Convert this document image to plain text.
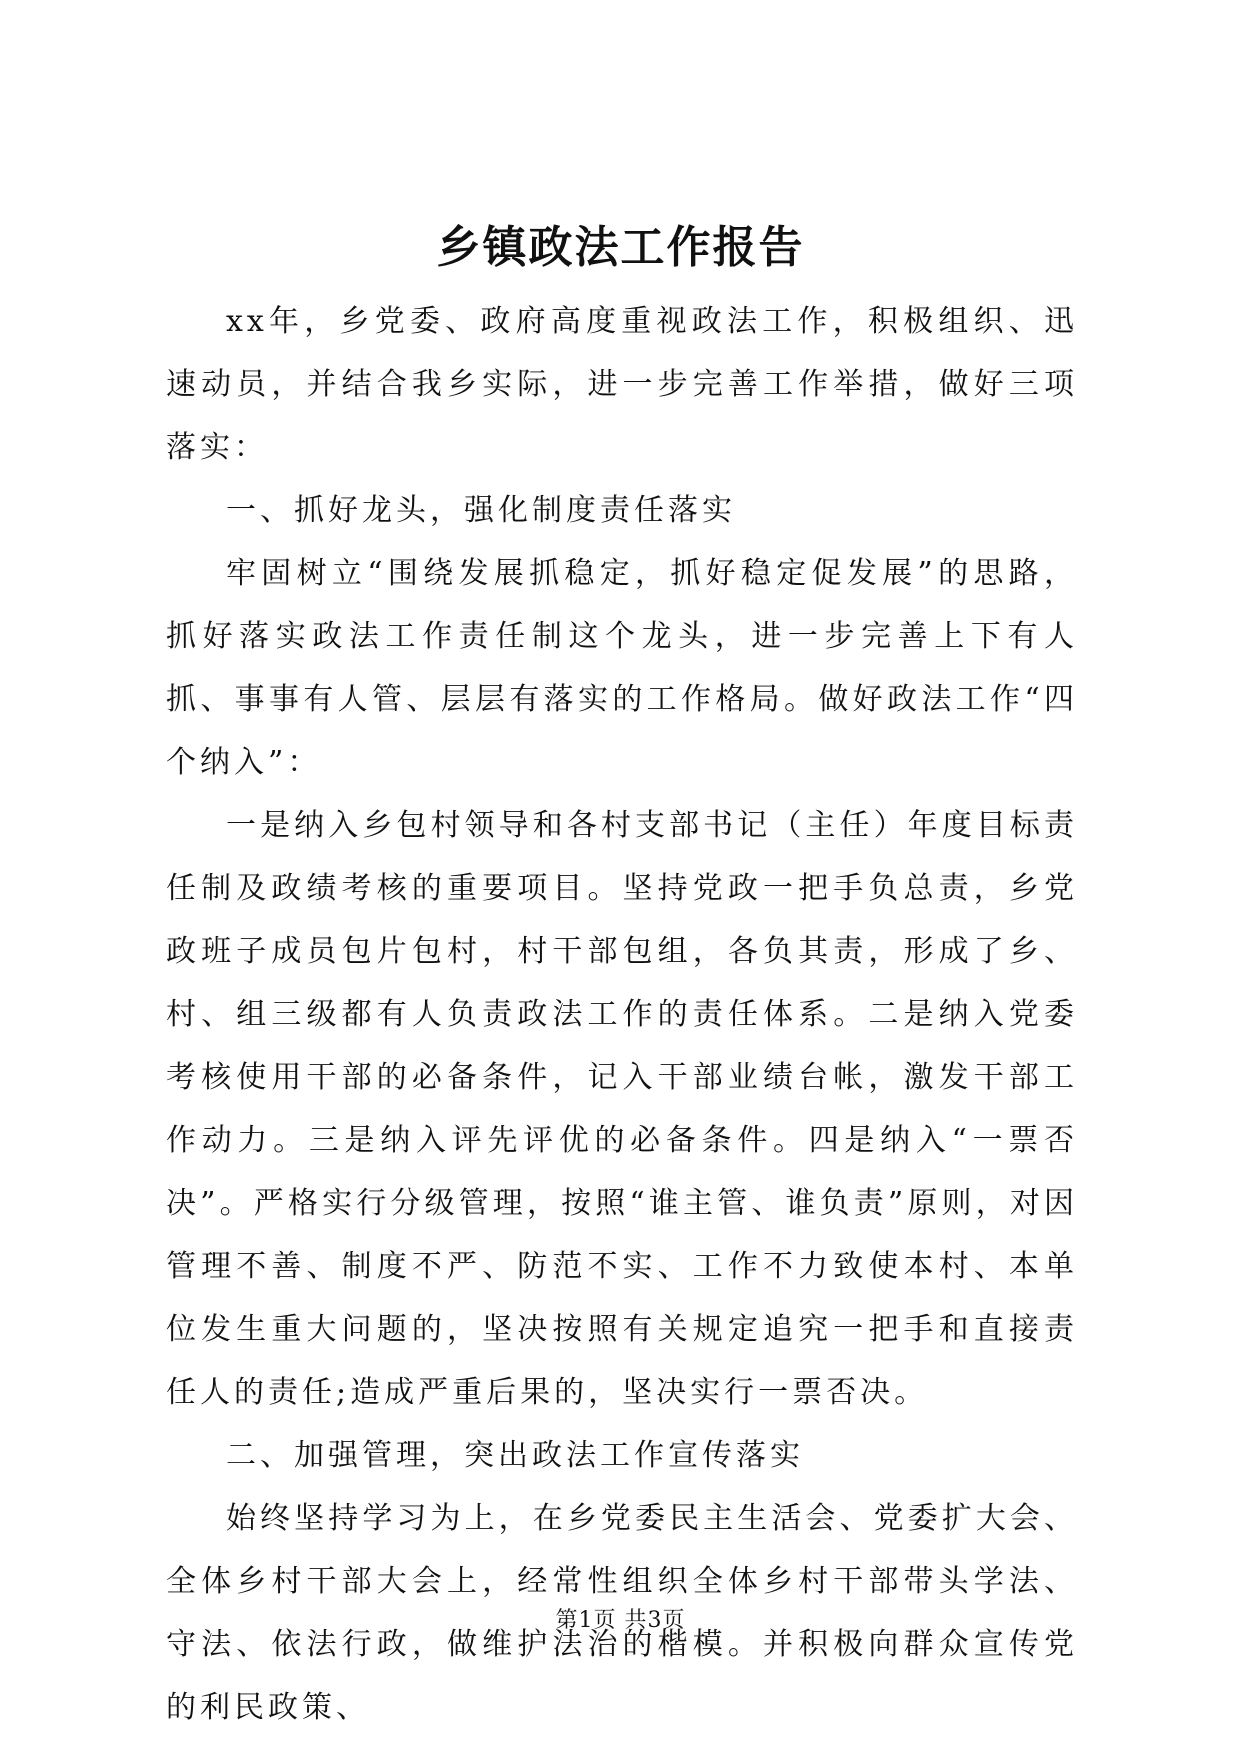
乡镇政法工作报告

xx年，乡党委、政府高度重视政法工作，积极组织、迅速动员，并结合我乡实际，进一步完善工作举措，做好三项落实：

一、抓好龙头，强化制度责任落实

牢固树立“围绕发展抓稳定，抓好稳定促发展”的思路，抓好落实政法工作责任制这个龙头，进一步完善上下有人抓、事事有人管、层层有落实的工作格局。做好政法工作“四个纳入”：

一是纳入乡包村领导和各村支部书记（主任）年度目标责任制及政绩考核的重要项目。坚持党政一把手负总责，乡党政班子成员包片包村，村干部包组，各负其责，形成了乡、村、组三级都有人负责政法工作的责任体系。二是纳入党委考核使用干部的必备条件，记入干部业绩台帐，激发干部工作动力。三是纳入评先评优的必备条件。四是纳入“一票否决”。严格实行分级管理，按照“谁主管、谁负责”原则，对因管理不善、制度不严、防范不实、工作不力致使本村、本单位发生重大问题的，坚决按照有关规定追究一把手和直接责任人的责任;造成严重后果的，坚决实行一票否决。

二、加强管理，突出政法工作宣传落实

始终坚持学习为上，在乡党委民主生活会、党委扩大会、全体乡村干部大会上，经常性组织全体乡村干部带头学法、守法、依法行政，做维护法治的楷模。并积极向群众宣传党的利民政策、

第1页 共3页
